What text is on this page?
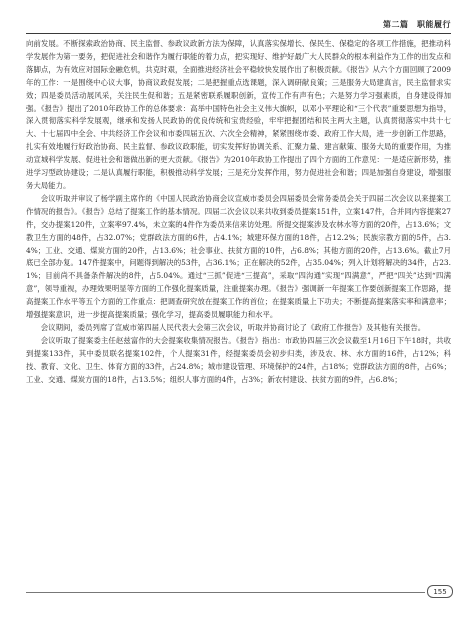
第二篇　职能履行

向前发展。不断探索政治协商、民主监督、参政议政新方法为保障，认真落实保增长、保民生、保稳定的各项工作措施，把推动科学发展作为第一要务，把促进社会和谐作为履行职能的着力点，把实现好、维护好最广大人民群众的根本利益作为工作的出发点和落脚点，为有效应对国际金融危机，共克时艰，全面推进经济社会平稳较快发展作出了积极贡献。《报告》从六个方面回顾了2009年的工作：一是围绕中心议大事，协商议政促发展；二是把握重点选课题，深入调研献良策；三是服务大局建真言，民主监督求实效；四是委员活动展风采，关注民生促和谐；五是紧密联系履职创新，宣传工作有声有色；六是努力学习强素质，自身建设得加强。《报告》提出了2010年政协工作的总体要求：高举中国特色社会主义伟大旗帜，以邓小平理论和“三个代表”重要思想为指导，深入贯彻落实科学发展观，继承和发扬人民政协的优良传统和宝贵经验，牢牢把握团结和民主两大主题，认真贯彻落实中共十七大、十七届四中全会、中共经济工作会议和市委四届五次、六次全会精神，紧紧围绕市委、政府工作大局，进一步创新工作思路，扎实有效地履行好政治协商、民主监督、参政议政职能，切实发挥好协调关系、汇聚力量、建言献策、服务大局的重要作用，为推动宣城科学发展、促进社会和谐做出新的更大贡献。《报告》为2010年政协工作提出了四个方面的工作意见：一是适应新形势，推进学习型政协建设；二是认真履行职能，积极推动科学发展；三是充分发挥作用，努力促进社会和谐；四是加强自身建设，增强服务大局能力。

会议听取并审议了杨学副主席作的《中国人民政治协商会议宣威市委员会四届委员会常务委员会关于四届二次会议以来提案工作情况的报告》。《报告》总结了提案工作的基本情况。四届二次会议以来共收到委员提案151件，立案147件，合并同内容提案27件，交办提案120件，立案率97.4%，未立案的4件作为委员来信来访处理。所提交提案涉及农林水等方面的20件，占13.6%；文教卫生方面的48件，占32.07%；党群政法方面的6件，占4.1%；城建环保方面的18件，占12.2%；民族宗教方面的5件，占3.4%；工业、交通、煤炭方面的20件，占13.6%；社会事业、扶贫方面的10件，占6.8%；其他方面的20件，占13.6%。截止7月底已全部办复。147件提案中，问题得到解决的53件，占36.1%；正在解决的52件，占35.04%；列入计划将解决的34件，占23.1%；目前尚不具备条件解决的8件，占5.04%。通过“三抓”促进“三提高”，采取“四沟通”实现“四满意”，严把“四关”达到“四满意”，领导重视，办理效果明显等方面的工作强化提案质量，注重提案办理。《报告》强调新一年提案工作要创新提案工作思路，提高提案工作水平等五个方面的工作重点：把调查研究放在提案工作的首位；在提案质量上下功夫；不断提高提案落实率和满意率；增强提案意识，进一步提高提案质量；强化学习，提高委员履职能力和水平。

会议期间，委员列席了宣威市第四届人民代表大会第三次会议，听取并协商讨论了《政府工作报告》及其他有关报告。

会议听取了提案委主任赵兹富作的大会提案收集情况报告。《报告》指出：市政协四届三次会议截至1月16日下午18时，共收到提案133件，其中委员联名提案102件，个人提案31件，经提案委员会初步归类，涉及农、林、水方面的16件，占12%；科技、教育、文化、卫生、体育方面的33件，占24.8%；城市建设管理、环境保护的24件，占18%；党群政法方面的8件，占6%；工业、交通、煤炭方面的18件，占13.5%；组织人事方面的4件，占3%；新农村建设、扶贫方面的9件，占6.8%；

155
